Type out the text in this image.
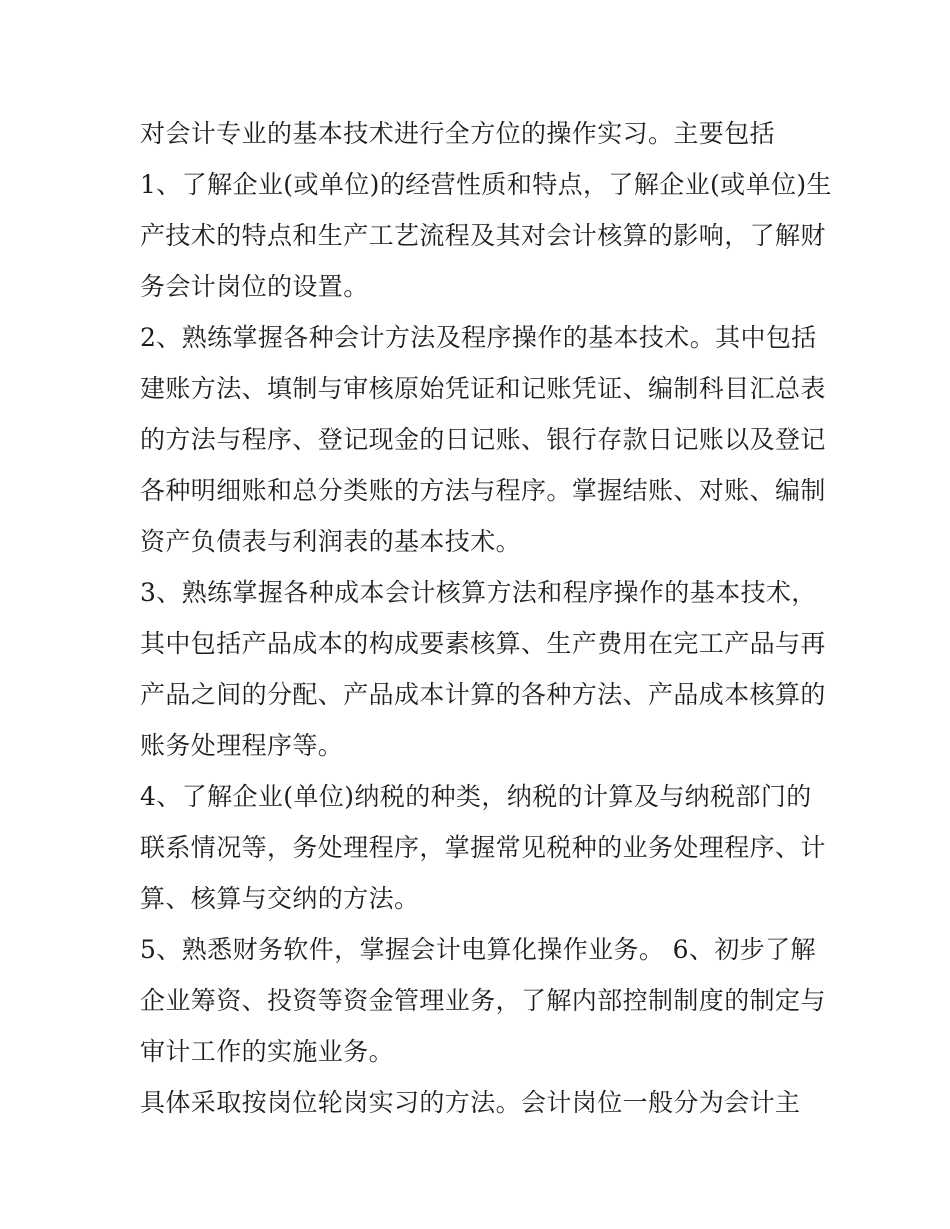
对会计专业的基本技术进行全方位的操作实习。主要包括
1、了解企业(或单位)的经营性质和特点，了解企业(或单位)生
产技术的特点和生产工艺流程及其对会计核算的影响，了解财
务会计岗位的设置。
2、熟练掌握各种会计方法及程序操作的基本技术。其中包括
建账方法、填制与审核原始凭证和记账凭证、编制科目汇总表
的方法与程序、登记现金的日记账、银行存款日记账以及登记
各种明细账和总分类账的方法与程序。掌握结账、对账、编制
资产负债表与利润表的基本技术。
3、熟练掌握各种成本会计核算方法和程序操作的基本技术，
其中包括产品成本的构成要素核算、生产费用在完工产品与再
产品之间的分配、产品成本计算的各种方法、产品成本核算的
账务处理程序等。
4、了解企业(单位)纳税的种类，纳税的计算及与纳税部门的
联系情况等，务处理程序，掌握常见税种的业务处理程序、计
算、核算与交纳的方法。
5、熟悉财务软件，掌握会计电算化操作业务。 6、初步了解
企业筹资、投资等资金管理业务，了解内部控制制度的制定与
审计工作的实施业务。
具体采取按岗位轮岗实习的方法。会计岗位一般分为会计主
